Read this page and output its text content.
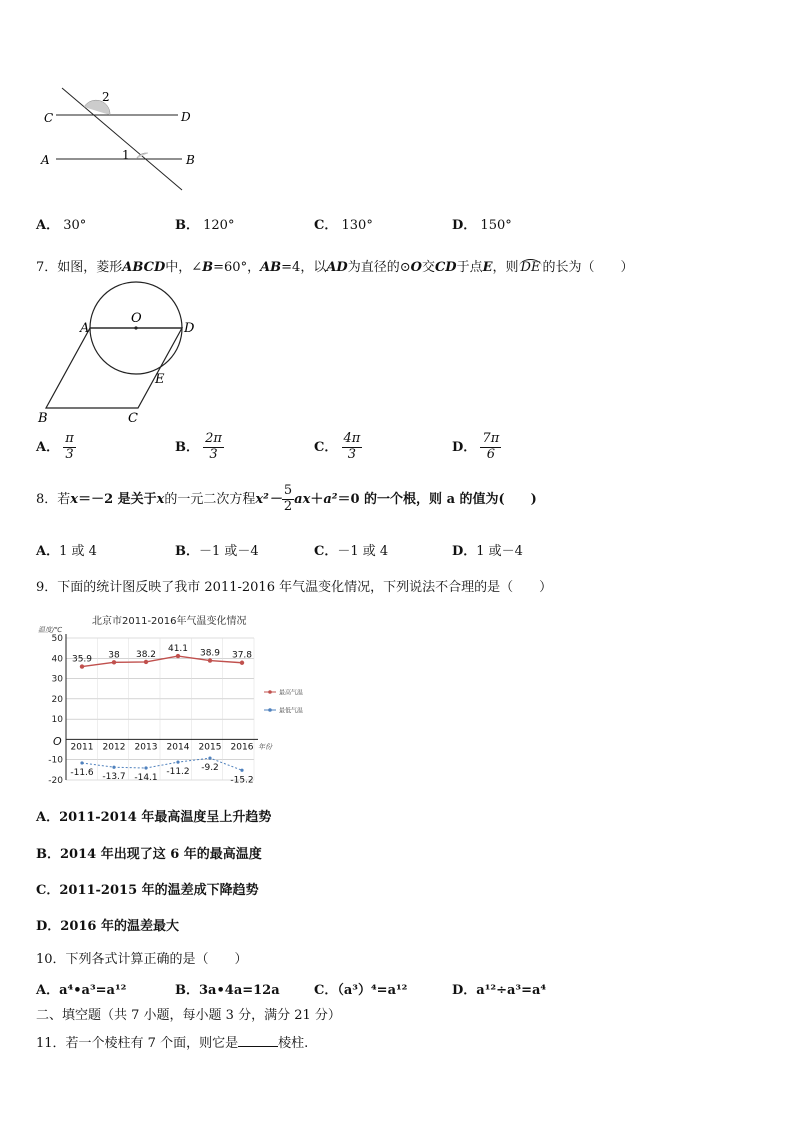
C	D
A	B
1
2
A． 30°	B． 120°	C． 130°	D． 150°
7．如图，菱形ABCD中，∠B=60°，AB=4，以AD为直径的⊙O交CD于点E，则 DE 的长为（　　）
A
O
D
E
B	C
A． $\frac{\pi}{3}$	B． $\frac{2\pi}{3}$	C． $\frac{4\pi}{3}$	D． $\frac{7\pi}{6}$
8．若x＝－2 是关于x的一元二次方程$x^2- \frac{5}{2} ax+a^2=0$ 的一个根，则 a 的值为(　　)
A．1 或 4	B．－1 或－4	C．－1 或 4	D．1 或－4
9．下面的统计图反映了我市 2011-2016 年气温变化情况，下列说法不合理的是（　　）
北京市2011-2016年气温变化情况
温度/℃
年份
O
50
40
30
20
10
-10
-20
2011 2012 2013 2014 2015 2016
35.9 38 38.2
41.1 38.9 37.8
-11.6 -13.7 -14.1
-11.2 -9.2
-15.2
最高气温
最低气温
A．2011-2014 年最高温度呈上升趋势
B．2014 年出现了这 6 年的最高温度
C．2011-2015 年的温差成下降趋势
D．2016 年的温差最大
10．下列各式计算正确的是（　　）
A．a⁴•a³=a¹²	B．3a•4a=12a	C．（a³）⁴=a¹²	D．a¹²÷a³=a⁴
二、填空题（共 7 小题，每小题 3 分，满分 21 分）
11．若一个棱柱有 7 个面，则它是	棱柱.
